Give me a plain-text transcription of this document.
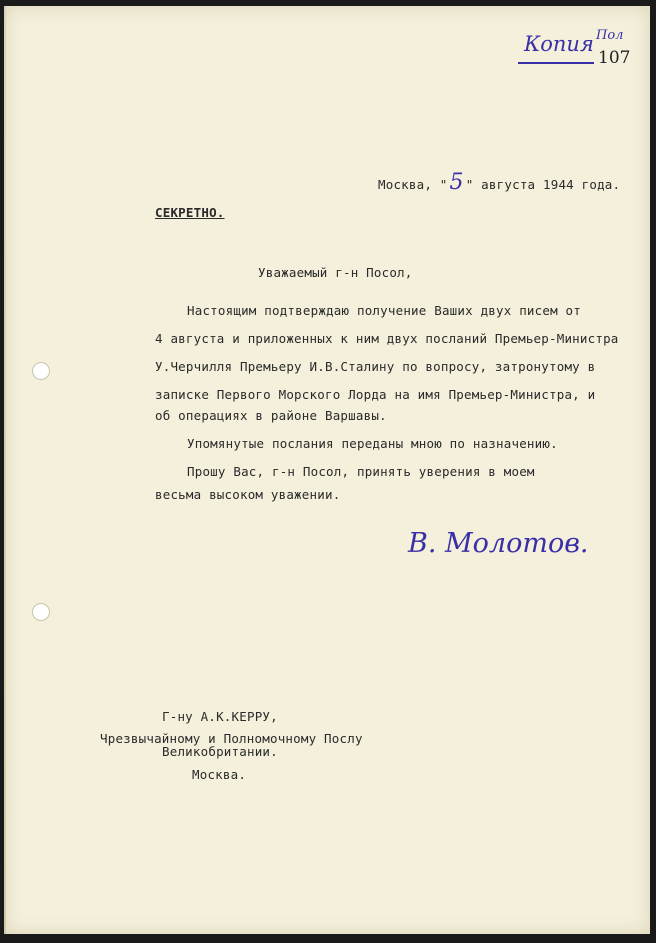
Копия Пол
107
Москва, "5 " августа 1944 года.
СЕКРЕТНО.
Уважаемый г-н Посол,
Настоящим подтверждаю получение Ваших двух писем от
4 августа и приложенных к ним двух посланий Премьер-Министра
У.Черчилля Премьеру И.В.Сталину по вопросу, затронутому в
записке Первого Морского Лорда на имя Премьер-Министра, и
об операциях в районе Варшавы.
Упомянутые послания переданы мною по назначению.
Прошу Вас, г-н Посол, принять уверения в моем
весьма высоком уважении.
В. Молотов.
Г-ну А.К.КЕРРУ,
Чрезвычайному и Полномочному Послу
Великобритании.
Москва.
